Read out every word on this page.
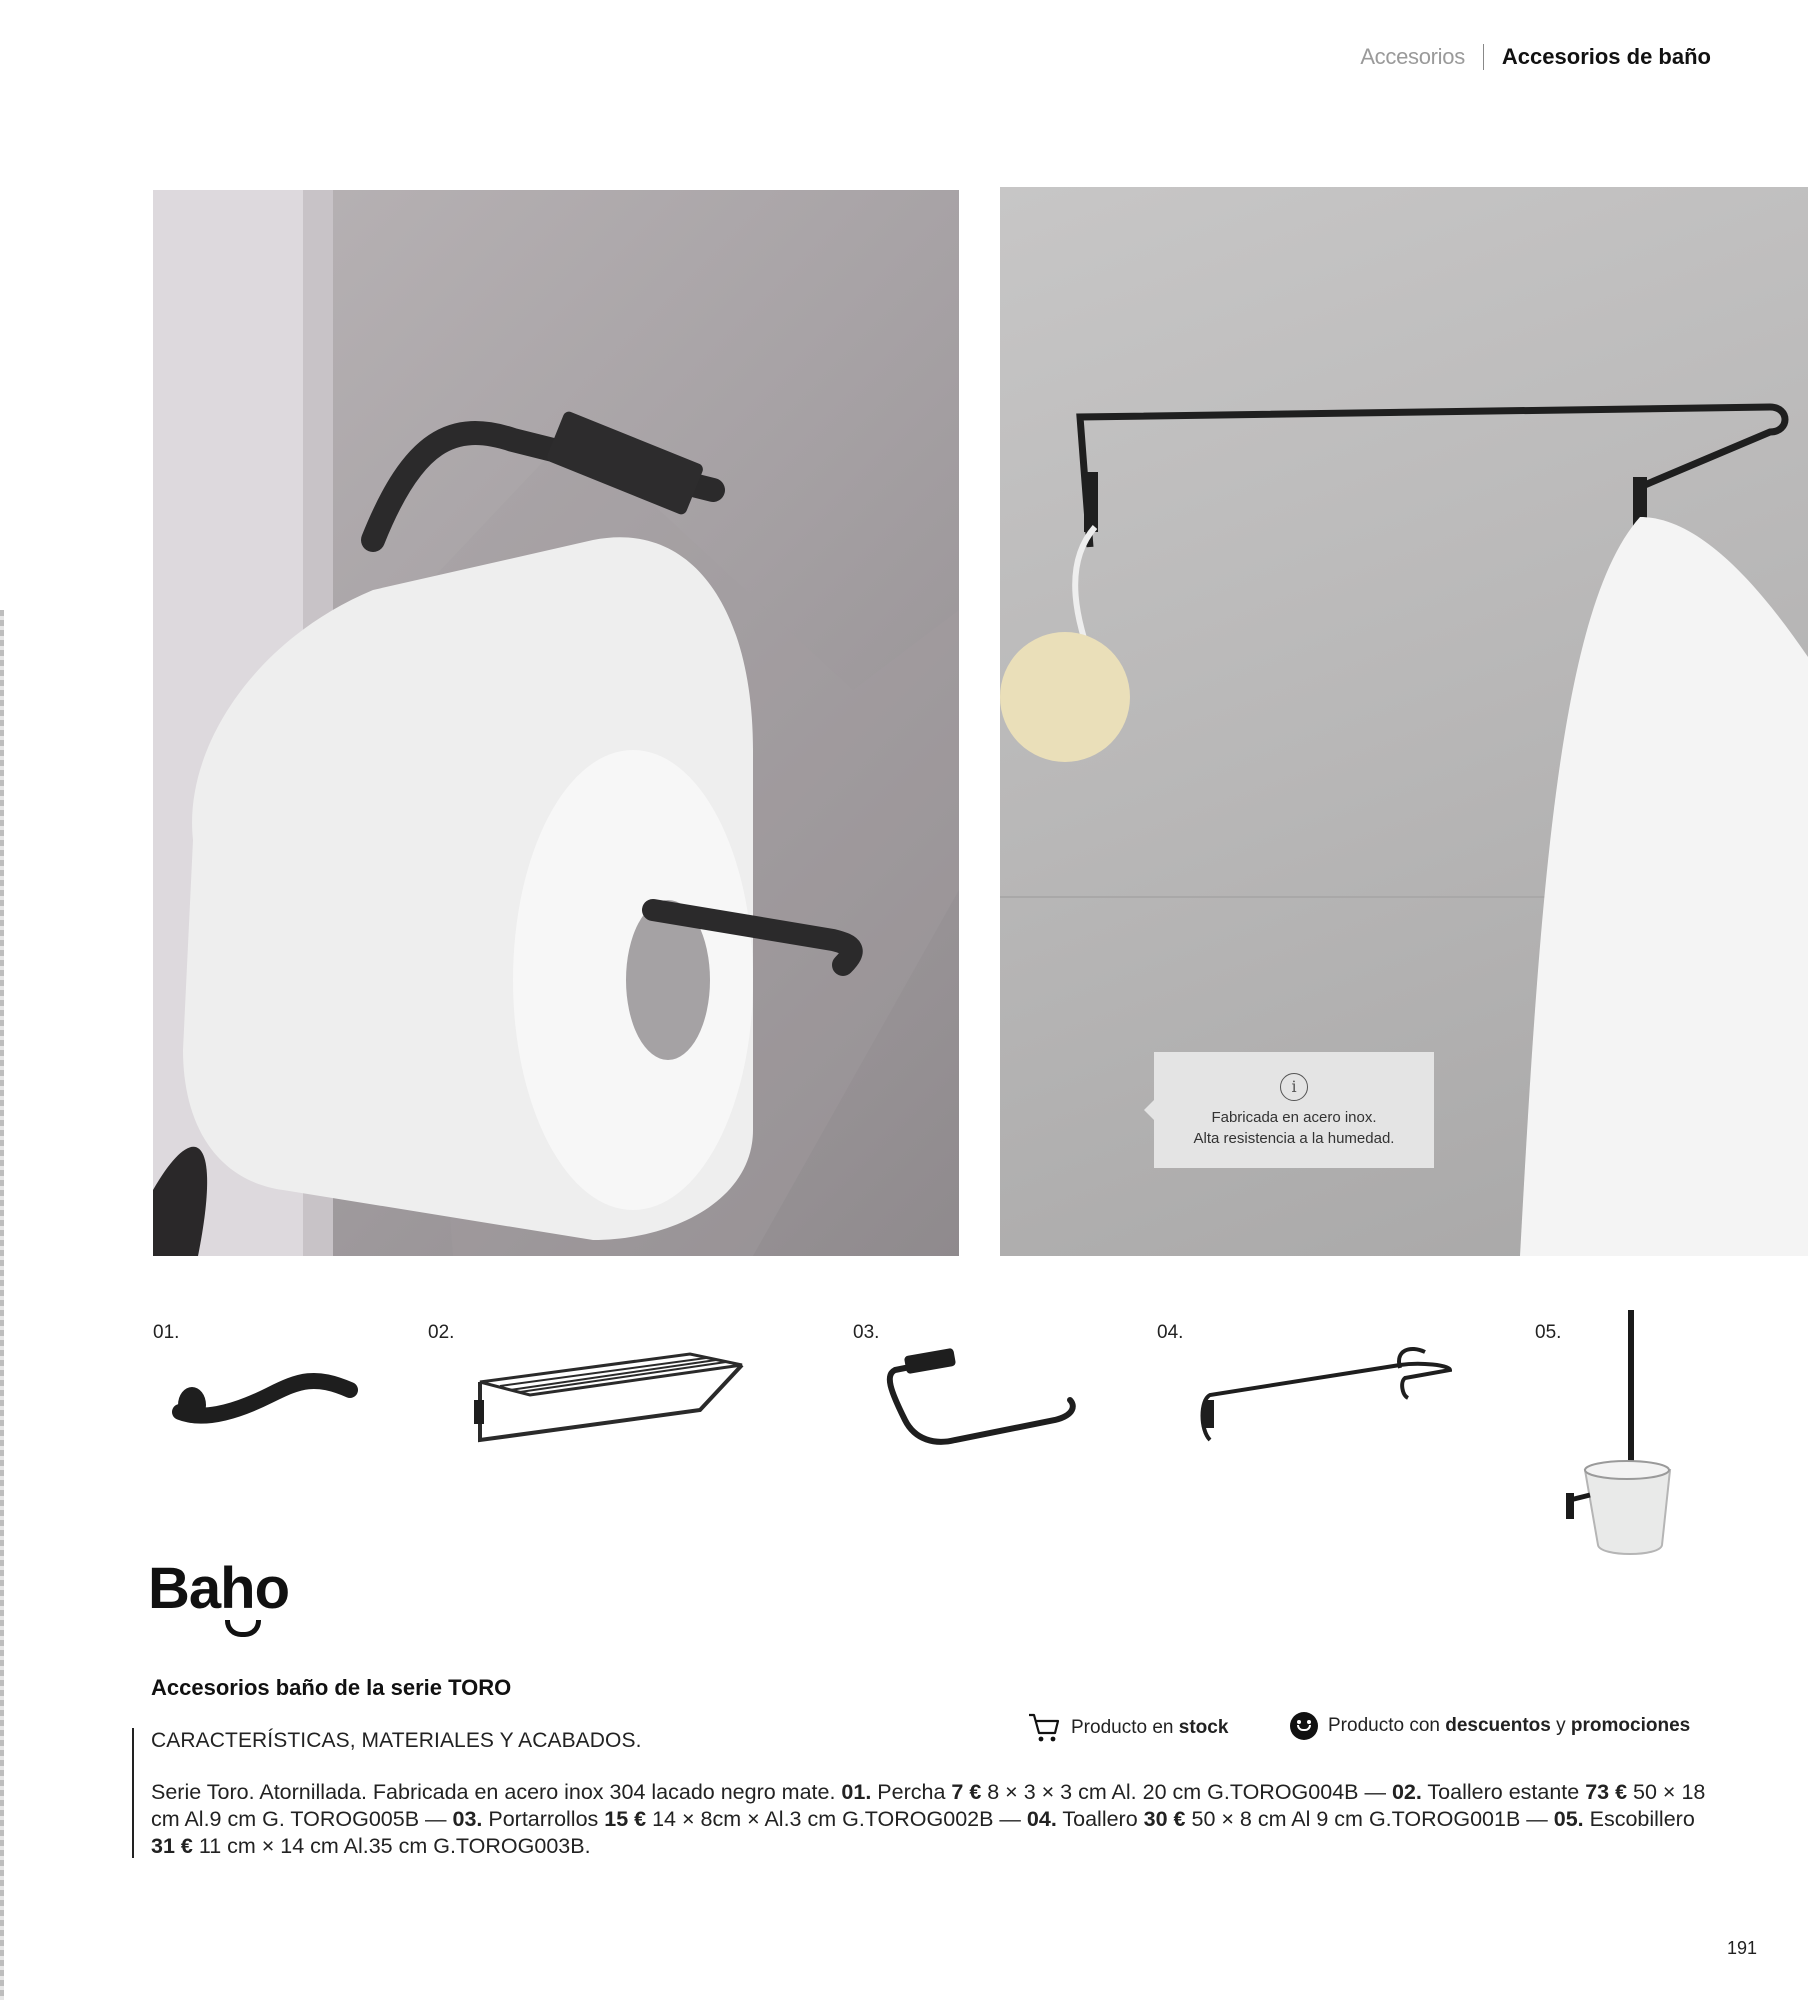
Accesorios Accesorios de baño
i
Fabricada en acero inox.
Alta resistencia a la humedad.
01.	02.	03.	04.	05.
Baho
Accesorios baño de la serie TORO
Producto en stock	Producto con descuentos y promociones
CARACTERÍSTICAS, MATERIALES Y ACABADOS.
Serie Toro. Atornillada. Fabricada en acero inox 304 lacado negro mate. 01. Percha 7 € 8 × 3 × 3 cm Al. 20 cm G.TOROG004B — 02. Toallero estante 73 € 50 × 18 cm Al.9 cm G. TOROG005B — 03. Portarrollos 15 € 14 × 8cm × Al.3 cm G.TOROG002B — 04. Toallero 30 € 50 × 8 cm Al 9 cm G.TOROG001B — 05. Escobillero 31 € 11 cm × 14 cm Al.35 cm G.TOROG003B.
191
